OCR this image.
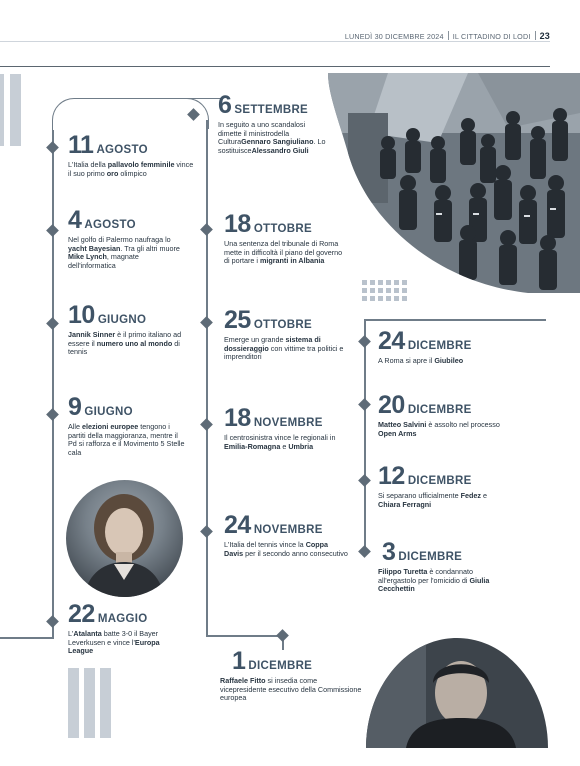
LUNEDÌ 30 DICEMBRE 2024 IL CITTADINO DI LODI 23
6 SETTEMBRE
In seguito a uno scandalosi dimette il ministrodella CulturaGennaro Sangiuliano. Lo sostituisceAlessandro Giuli
11 AGOSTO
L'Italia della pallavolo femminile vince il suo primo oro olimpico
4 AGOSTO
Nel golfo di Palermo naufraga lo yacht Bayesian. Tra gli altri muore Mike Lynch, magnate dell'informatica
10 GIUGNO
Jannik Sinner è il primo italiano ad essere il numero uno al mondo di tennis
9 GIUGNO
Alle elezioni europee tengono i partiti della maggioranza, mentre il Pd si rafforza e il Movimento 5 Stelle cala
22 MAGGIO
L'Atalanta batte 3-0 il Bayer Leverkusen e vince l'Europa League
18 OTTOBRE
Una sentenza del tribunale di Roma mette in difficoltà il piano del governo di portare i migranti in Albania
25 OTTOBRE
Emerge un grande sistema di dossieraggio con vittime tra politici e imprenditori
18 NOVEMBRE
Il centrosinistra vince le regionali in Emilia-Romagna e Umbria
24 NOVEMBRE
L'Italia del tennis vince la Coppa Davis per il secondo anno consecutivo
1 DICEMBRE
Raffaele Fitto si insedia come vicepresidente esecutivo della Commissione europea
24 DICEMBRE
A Roma si apre il Giubileo
20 DICEMBRE
Matteo Salvini è assolto nel processo Open Arms
12 DICEMBRE
Si separano ufficialmente Fedez e Chiara Ferragni
3 DICEMBRE
Filippo Turetta è condannato all'ergastolo per l'omicidio di Giulia Cecchettin
